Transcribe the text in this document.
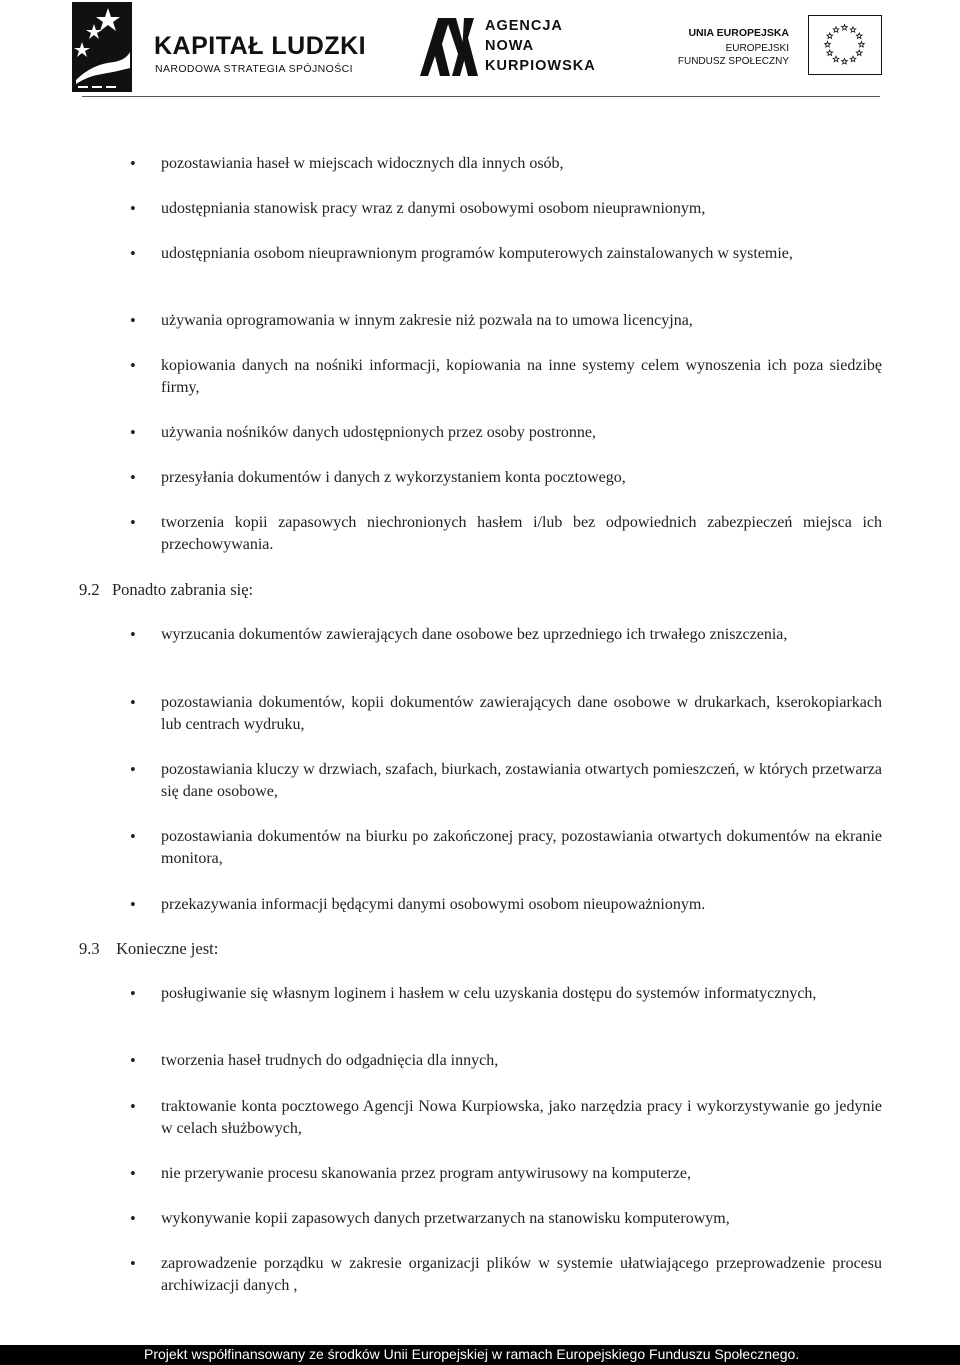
KAPITAŁ LUDZKI
NARODOWA STRATEGIA SPÓJNOŚCI
AGENCJA
NOWA
KURPIOWSKA
UNIA EUROPEJSKA
EUROPEJSKI
FUNDUSZ SPOŁECZNY
• pozostawiania haseł w miejscach widocznych dla innych osób,
• udostępniania stanowisk pracy wraz z danymi osobowymi osobom nieuprawnionym,
• udostępniania osobom nieuprawnionym programów komputerowych zainstalowanych w systemie,
• używania oprogramowania w innym zakresie niż pozwala na to umowa licencyjna,
• kopiowania danych na nośniki informacji, kopiowania na inne systemy celem wynoszenia ich poza siedzibę firmy,
• używania nośników danych udostępnionych przez osoby postronne,
• przesyłania dokumentów i danych z wykorzystaniem konta pocztowego,
• tworzenia kopii zapasowych niechronionych hasłem i/lub bez odpowiednich zabezpieczeń miejsca ich przechowywania.
9.2 Ponadto zabrania się:
• wyrzucania dokumentów zawierających dane osobowe bez uprzedniego ich trwałego zniszczenia,
• pozostawiania dokumentów, kopii dokumentów zawierających dane osobowe w drukarkach, kserokopiarkach lub centrach wydruku,
• pozostawiania kluczy w drzwiach, szafach, biurkach, zostawiania otwartych pomieszczeń, w których przetwarza się dane osobowe,
• pozostawiania dokumentów na biurku po zakończonej pracy, pozostawiania otwartych dokumentów na ekranie monitora,
• przekazywania informacji będącymi danymi osobowymi osobom nieupoważnionym.
9.3 Konieczne jest:
• posługiwanie się własnym loginem i hasłem w celu uzyskania dostępu do systemów informatycznych,
• tworzenia haseł trudnych do odgadnięcia dla innych,
• traktowanie konta pocztowego Agencji Nowa Kurpiowska, jako narzędzia pracy i wykorzystywanie go jedynie w celach służbowych,
• nie przerywanie procesu skanowania przez program antywirusowy na komputerze,
• wykonywanie kopii zapasowych danych przetwarzanych na stanowisku komputerowym,
• zaprowadzenie porządku w zakresie organizacji plików w systemie ułatwiającego przeprowadzenie procesu archiwizacji danych ,
Projekt współfinansowany ze środków Unii Europejskiej w ramach Europejskiego Funduszu Społecznego.
